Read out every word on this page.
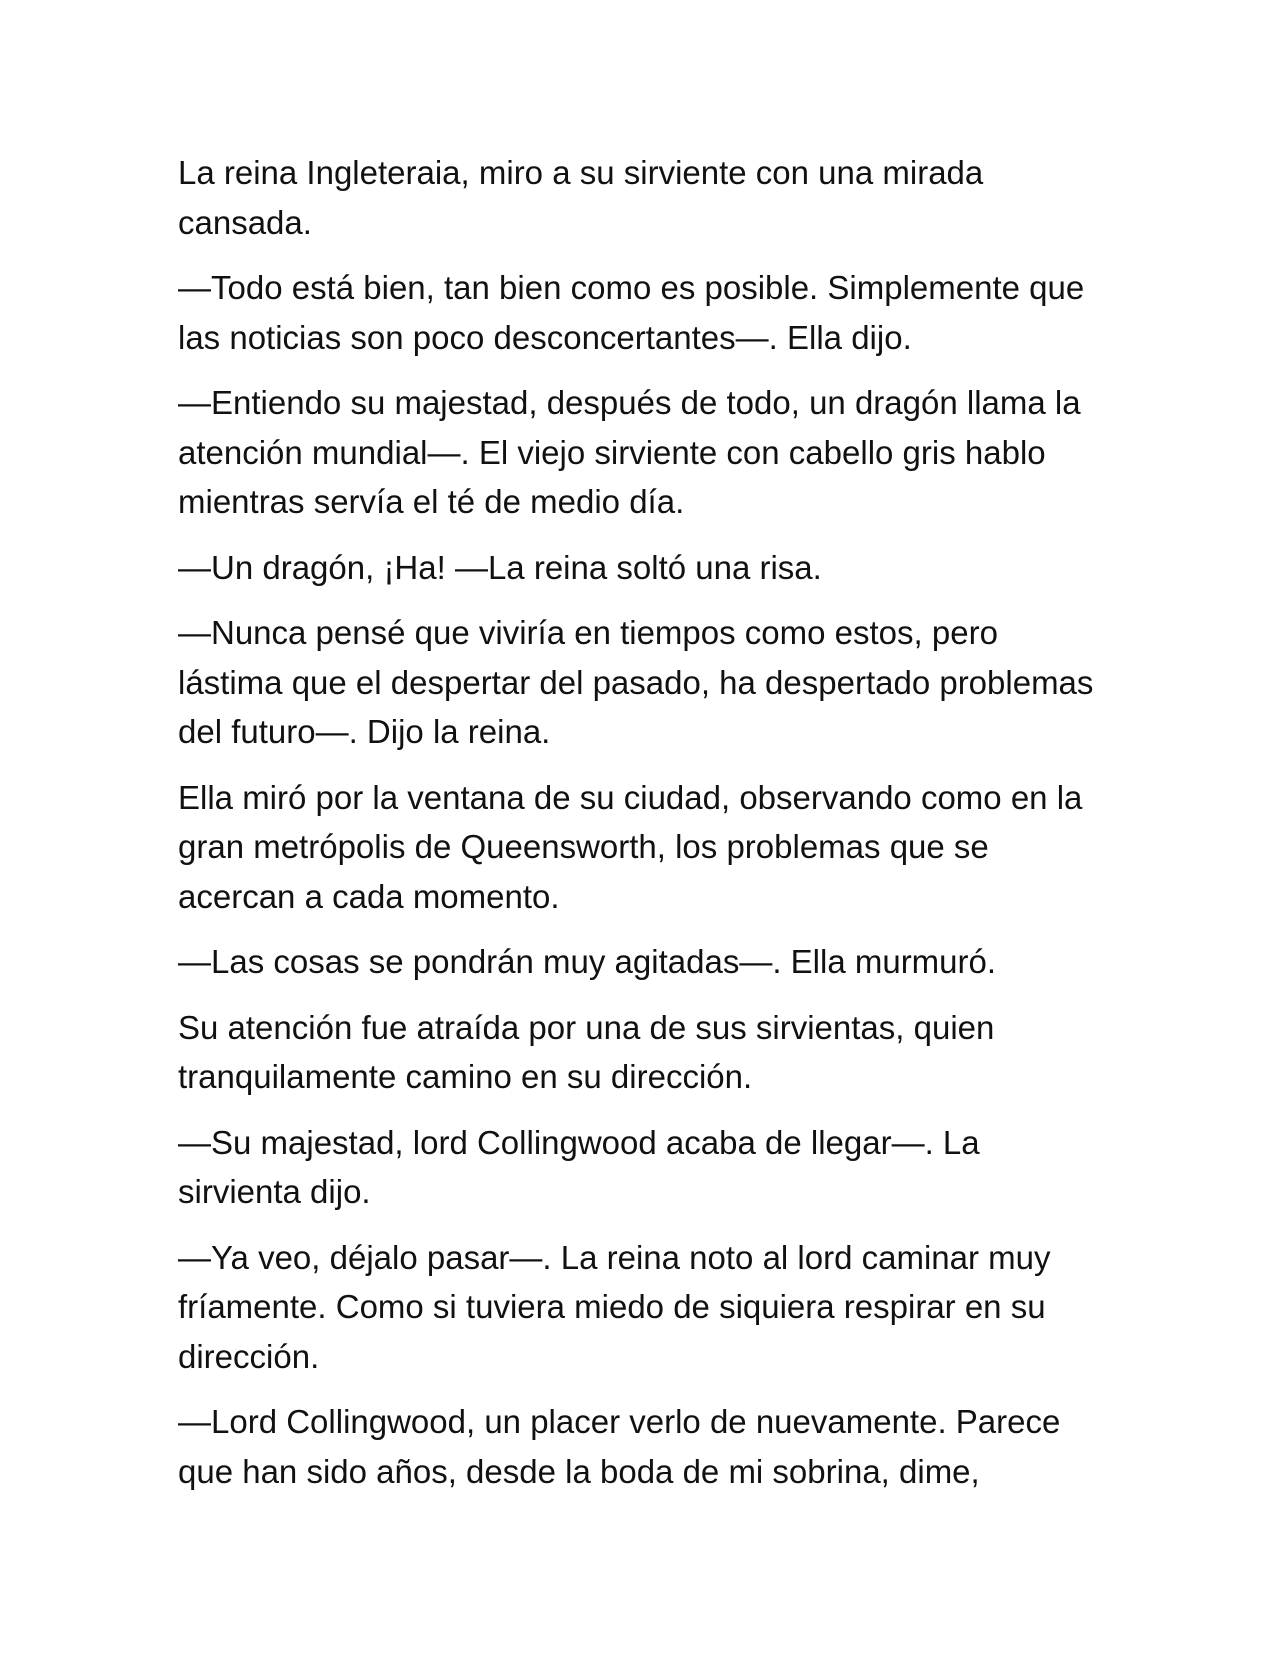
La reina Ingleteraia, miro a su sirviente con una mirada cansada.

—Todo está bien, tan bien como es posible. Simplemente que las noticias son poco desconcertantes—. Ella dijo.

—Entiendo su majestad, después de todo, un dragón llama la atención mundial—. El viejo sirviente con cabello gris hablo mientras servía el té de medio día.

—Un dragón, ¡Ha! —La reina soltó una risa.

—Nunca pensé que viviría en tiempos como estos, pero lástima que el despertar del pasado, ha despertado problemas del futuro—. Dijo la reina.

Ella miró por la ventana de su ciudad, observando como en la gran metrópolis de Queensworth, los problemas que se acercan a cada momento.

—Las cosas se pondrán muy agitadas—. Ella murmuró.

Su atención fue atraída por una de sus sirvientas, quien tranquilamente camino en su dirección.

—Su majestad, lord Collingwood acaba de llegar—. La sirvienta dijo.

—Ya veo, déjalo pasar—. La reina noto al lord caminar muy fríamente. Como si tuviera miedo de siquiera respirar en su dirección.

—Lord Collingwood, un placer verlo de nuevamente. Parece que han sido años, desde la boda de mi sobrina, dime,
